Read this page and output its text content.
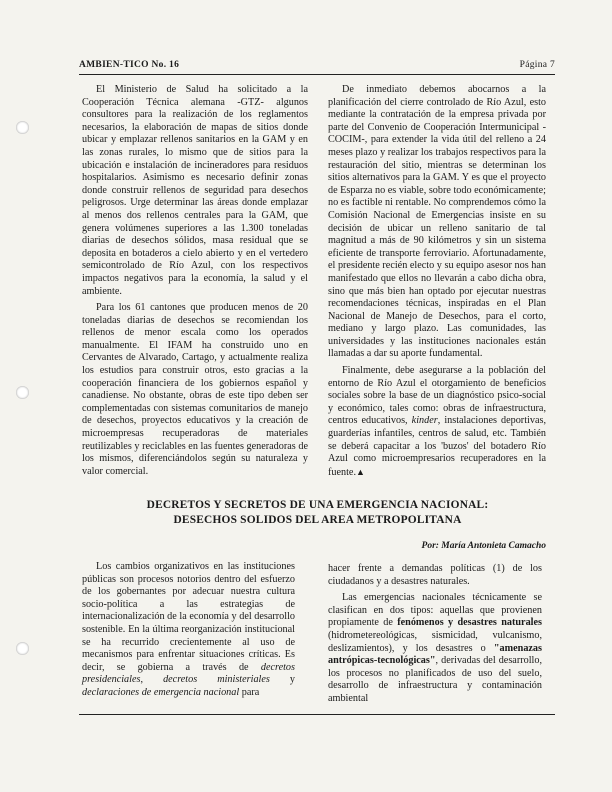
AMBIEN-TICO No. 16	Página 7

El Ministerio de Salud ha solicitado a la Cooperación Técnica alemana -GTZ- algunos consultores para la realización de los reglamentos necesarios, la elaboración de mapas de sitios donde ubicar y emplazar rellenos sanitarios en la GAM y en las zonas rurales, lo mismo que de sitios para la ubicación e instalación de incineradores para residuos hospitalarios. Asimismo es necesario definir zonas donde construir rellenos de seguridad para desechos peligrosos. Urge determinar las áreas donde emplazar al menos dos rellenos centrales para la GAM, que genera volúmenes superiores a las 1.300 toneladas diarias de desechos sólidos, masa residual que se deposita en botaderos a cielo abierto y en el vertedero semicontrolado de Río Azul, con los respectivos impactos negativos para la economía, la salud y el ambiente.

Para los 61 cantones que producen menos de 20 toneladas diarias de desechos se recomiendan los rellenos de menor escala como los operados manualmente. El IFAM ha construido uno en Cervantes de Alvarado, Cartago, y actualmente realiza los estudios para construir otros, esto gracias a la cooperación financiera de los gobiernos español y canadiense. No obstante, obras de este tipo deben ser complementadas con sistemas comunitarios de manejo de desechos, proyectos educativos y la creación de microempresas recuperadoras de materiales reutilizables y reciclables en las fuentes generadoras de los mismos, diferenciándolos según su naturaleza y valor comercial.

De inmediato debemos abocarnos a la planificación del cierre controlado de Río Azul, esto mediante la contratación de la empresa privada por parte del Convenio de Cooperación Intermunicipal -COCIM-, para extender la vida útil del relleno a 24 meses plazo y realizar los trabajos respectivos para la restauración del sitio, mientras se determinan los sitios alternativos para la GAM. Y es que el proyecto de Esparza no es viable, sobre todo económicamente; no es factible ni rentable. No comprendemos cómo la Comisión Nacional de Emergencias insiste en su decisión de ubicar un relleno sanitario de tal magnitud a más de 90 kilómetros y sin un sistema eficiente de transporte ferroviario. Afortunadamente, el presidente recién electo y su equipo asesor nos han manifestado que ellos no llevarán a cabo dicha obra, sino que más bien han optado por ejecutar nuestras recomendaciones técnicas, inspiradas en el Plan Nacional de Manejo de Desechos, para el corto, mediano y largo plazo. Las comunidades, las universidades y las instituciones nacionales están llamadas a dar su aporte fundamental.

Finalmente, debe asegurarse a la población del entorno de Río Azul el otorgamiento de beneficios sociales sobre la base de un diagnóstico psico-social y económico, tales como: obras de infraestructura, centros educativos, kinder, instalaciones deportivas, guarderías infantiles, centros de salud, etc. También se deberá capacitar a los 'buzos' del botadero Río Azul como microempresarios recuperadores en la fuente.▲

DECRETOS Y SECRETOS DE UNA EMERGENCIA NACIONAL:
DESECHOS SOLIDOS DEL AREA METROPOLITANA
Por: María Antonieta Camacho

Los cambios organizativos en las instituciones públicas son procesos notorios dentro del esfuerzo de los gobernantes por adecuar nuestra cultura socio-política a las estrategias de internacionalización de la economía y del desarrollo sostenible. En la última reorganización institucional se ha recurrido crecientemente al uso de mecanismos para enfrentar situaciones críticas. Es decir, se gobierna a través de decretos presidenciales, decretos ministeriales y declaraciones de emergencia nacional para

hacer frente a demandas políticas (1) de los ciudadanos y a desastres naturales.

Las emergencias nacionales técnicamente se clasifican en dos tipos: aquellas que provienen propiamente de fenómenos y desastres naturales (hidrometereológicas, sismicidad, vulcanismo, deslizamientos), y los desastres o "amenazas antrópicas-tecnológicas", derivadas del desarrollo, los procesos no planificados de uso del suelo, desarrollo de infraestructura y contaminación ambiental
